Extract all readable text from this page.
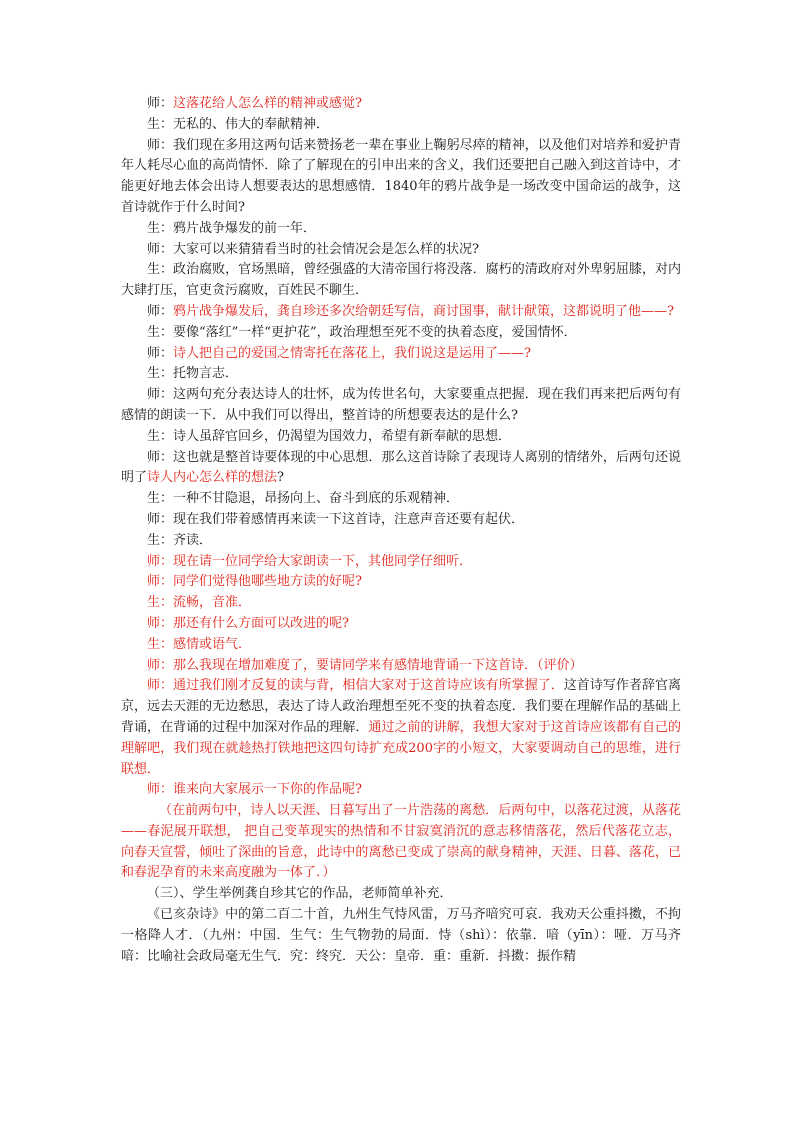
师：这落花给人怎么样的精神或感觉?

生：无私的、伟大的奉献精神．

师：我们现在多用这两句话来赞扬老一辈在事业上鞠躬尽瘁的精神，以及他们对培养和爱护青年人耗尽心血的高尚情怀．除了了解现在的引申出来的含义，我们还要把自己融入到这首诗中，才能更好地去体会出诗人想要表达的思想感情．1840年的鸦片战争是一场改变中国命运的战争，这首诗就作于什么时间?

生：鸦片战争爆发的前一年．

师：大家可以来猜猜看当时的社会情况会是怎么样的状况?

生：政治腐败，官场黑暗，曾经强盛的大清帝国行将没落．腐朽的清政府对外卑躬屈膝，对内大肆打压，官吏贪污腐败，百姓民不聊生．

师：鸦片战争爆发后，龚自珍还多次给朝廷写信，商讨国事，献计献策，这都说明了他——?

生：要像“落红”一样“更护花”，政治理想至死不变的执着态度，爱国情怀．

师：诗人把自己的爱国之情寄托在落花上，我们说这是运用了——?

生：托物言志．

师：这两句充分表达诗人的壮怀，成为传世名句，大家要重点把握．现在我们再来把后两句有感情的朗读一下．从中我们可以得出，整首诗的所想要表达的是什么?

生：诗人虽辞官回乡，仍渴望为国效力，希望有新奉献的思想．

师：这也就是整首诗要体现的中心思想．那么这首诗除了表现诗人离别的情绪外，后两句还说明了诗人内心怎么样的想法?

生：一种不甘隐退，昂扬向上、奋斗到底的乐观精神．

师：现在我们带着感情再来读一下这首诗，注意声音还要有起伏．

生：齐读．

师：现在请一位同学给大家朗读一下，其他同学仔细听．

师：同学们觉得他哪些地方读的好呢?

生：流畅，音准．

师：那还有什么方面可以改进的呢?

生：感情或语气．

师：那么我现在增加难度了，要请同学来有感情地背诵一下这首诗．（评价）

师：通过我们刚才反复的读与背，相信大家对于这首诗应该有所掌握了．这首诗写作者辞官离京，远去天涯的无边愁思，表达了诗人政治理想至死不变的执着态度．我们要在理解作品的基础上背诵，在背诵的过程中加深对作品的理解．通过之前的讲解，我想大家对于这首诗应该都有自己的理解吧，我们现在就趁热打铁地把这四句诗扩充成200字的小短文，大家要调动自己的思维，进行联想．

师：谁来向大家展示一下你的作品呢?

（在前两句中，诗人以天涯、日暮写出了一片浩荡的离愁．后两句中，以落花过渡，从落花——春泥展开联想， 把自己变革现实的热情和不甘寂寞消沉的意志移情落花，然后代落花立志，向春天宣誓，倾吐了深曲的旨意，此诗中的离愁已变成了崇高的献身精神，天涯、日暮、落花，已和春泥孕育的未来高度融为一体了．）

（三）、学生举例龚自珍其它的作品，老师简单补充．

《已亥杂诗》中的第二百二十首，九州生气恃风雷，万马齐喑究可哀．我劝天公重抖擞，不拘一格降人才．（九州：中国．生气：生气物勃的局面．恃（shì）：依靠．喑（yīn）：哑．万马齐喑：比喻社会政局毫无生气．究：终究．天公：皇帝．重：重新．抖擞：振作精
